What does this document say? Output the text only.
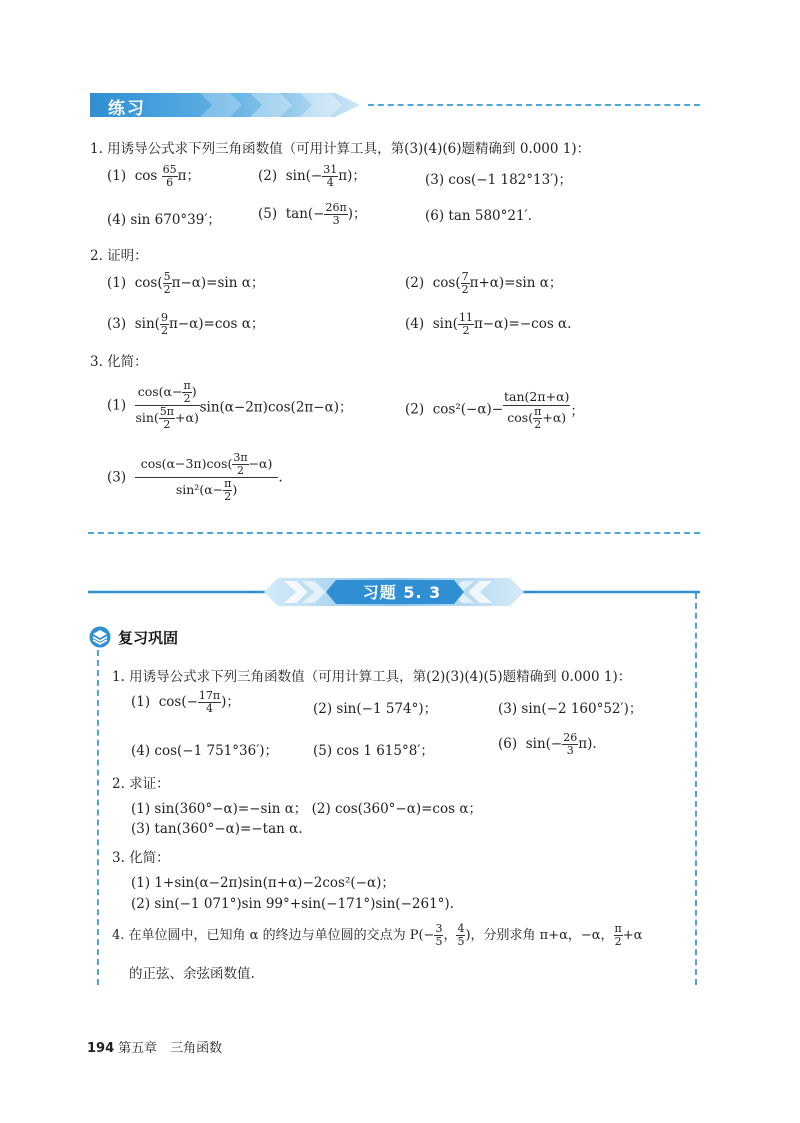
练习
1. 用诱导公式求下列三角函数值（可用计算工具，第(3)(4)(6)题精确到 0.000 1)：
(1) $\cos \frac{65}{6}$ π；	(2) $\sin(- \frac{31}{4} \pi)$；	(3) cos(−1 182°13′)；
(4) sin 670°39′；	(5) $\tan(- \frac{26\pi}{3}$ )；	(6) tan 580°21′.
2. 证明：
(1) $\cos( \frac{5}{2} \pi-\alpha)=\sin$ α；	(2) $\cos( \frac{7}{2} \pi+\alpha)=\sin$ α；
(3) $\sin( \frac{9}{2} \pi-\alpha)=\cos$ α；	(4) $\sin( \frac{11}{2} \pi-\alpha)=-\cos$ α.
3. 化简：
$(1) \frac{\cos(\alpha- \frac{\pi}{2} )}{\sin( \frac{5\pi}{2} +\alpha)} \sin(\alpha-2\pi)\cos(2\pi-\alpha)$；	(2) $\cos^2(-\alpha)- \frac{\tan(2\pi+\alpha)}{\cos( \frac{\pi}{2} +\alpha)}$ ；
$(3) \frac{\cos(\alpha-3\pi)\cos( \frac{3\pi}{2} -\alpha)}{\sin^2(\alpha- \frac{\pi}{2} )}$ .
习题 5. 3
复习巩固
1. 用诱导公式求下列三角函数值（可用计算工具，第(2)(3)(4)(5)题精确到 0.000 1)：
(1) $\cos(- \frac{17\pi}{4}$ )；	(2) sin(−1 574°)；	(3) sin(−2 160°52′)；
(4) cos(−1 751°36′)；	(5) cos 1 615°8′；	(6) $\sin(- \frac{26}{3} \pi)$.
2. 求证：
(1) sin(360°−α)=−sin α； (2) cos(360°−α)=cos α；
(3) tan(360°−α)=−tan α.
3. 化简：
(1) 1+sin(α−2π)sin(π+α)−2cos²(−α)；
(2) sin(−1 071°)sin 99°+sin(−171°)sin(−261°).
4. 在单位圆中，已知角 α 的终边与单位圆的交点为 $P(- \frac{3}{5}$ ， $\frac{4}{5}$ )，分别求角 π+α，−α， $\frac{\pi}{2} +\alpha$
的正弦、余弦函数值.
194 第五章　三角函数
